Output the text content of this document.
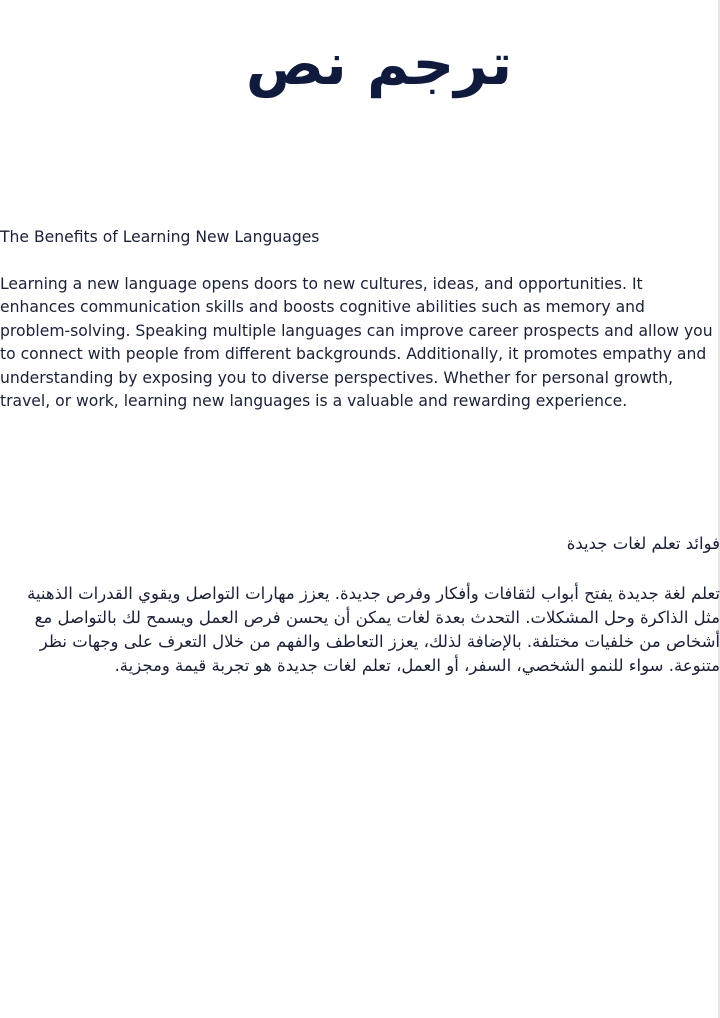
ترجم نص

The Benefits of Learning New Languages

Learning a new language opens doors to new cultures, ideas, and opportunities. It enhances communication skills and boosts cognitive abilities such as memory and problem-solving. Speaking multiple languages can improve career prospects and allow you to connect with people from different backgrounds. Additionally, it promotes empathy and understanding by exposing you to diverse perspectives. Whether for personal growth, travel, or work, learning new languages is a valuable and rewarding experience.

فوائد تعلم لغات جديدة

تعلم لغة جديدة يفتح أبواب لثقافات وأفكار وفرص جديدة. يعزز مهارات التواصل ويقوي القدرات الذهنية مثل الذاكرة وحل المشكلات. التحدث بعدة لغات يمكن أن يحسن فرص العمل ويسمح لك بالتواصل مع أشخاص من خلفيات مختلفة. بالإضافة لذلك، يعزز التعاطف والفهم من خلال التعرف على وجهات نظر متنوعة. سواء للنمو الشخصي، السفر، أو العمل، تعلم لغات جديدة هو تجربة قيمة ومجزية.
